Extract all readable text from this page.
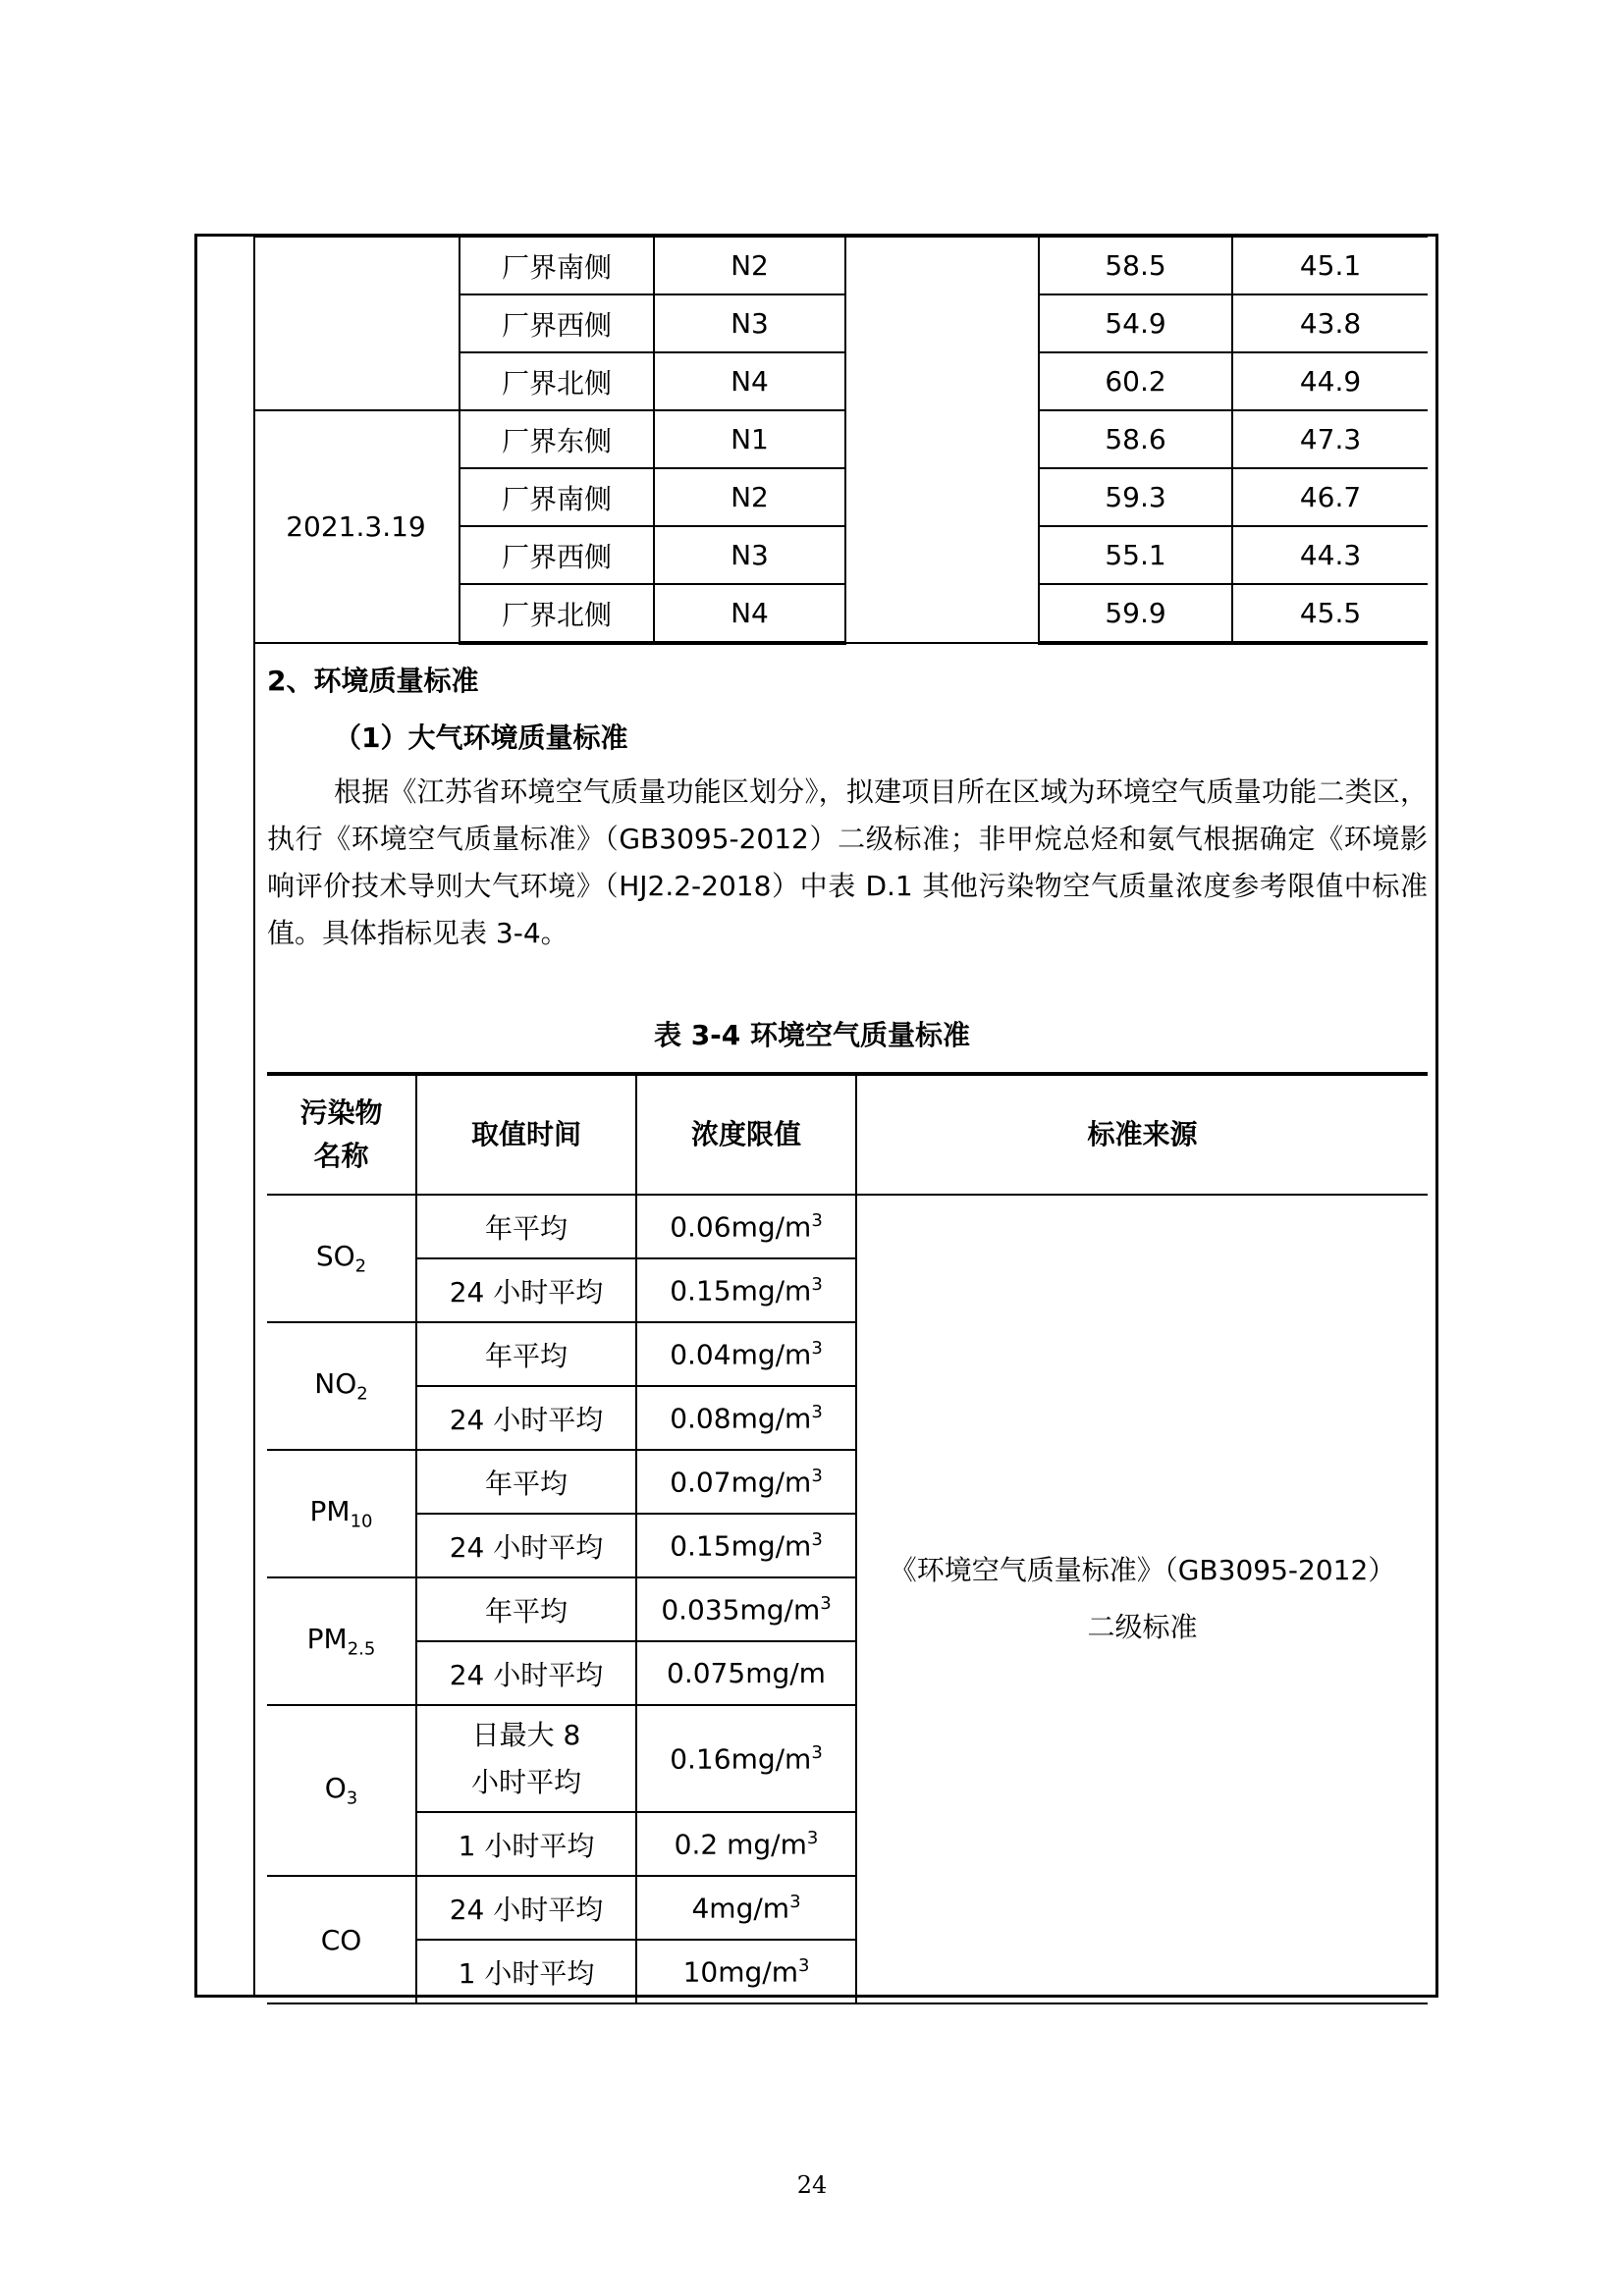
	厂界南侧	N2		58.5	45.1
	厂界西侧	N3		54.9	43.8
	厂界北侧	N4		60.2	44.9
2021.3.19	厂界东侧	N1		58.6	47.3
	厂界南侧	N2		59.3	46.7
	厂界西侧	N3		55.1	44.3
	厂界北侧	N4		59.9	45.5
2、环境质量标准
（1）大气环境质量标准
根据《江苏省环境空气质量功能区划分》，拟建项目所在区域为环境空气质量功能二类区，执行《环境空气质量标准》（GB3095-2012）二级标准；非甲烷总烃和氨气根据确定《环境影响评价技术导则大气环境》（HJ2.2-2018）中表 D.1 其他污染物空气质量浓度参考限值中标准值。具体指标见表 3-4。
表 3-4 环境空气质量标准
污染物名称	取值时间	浓度限值	标准来源
$SO_2$	年平均	$0.06mg/m^3$	《环境空气质量标准》（GB3095-2012）
二级标准

	24 小时平均	$0.15mg/m^3$
$NO_2$	年平均	$0.04mg/m^3$

	24 小时平均	$0.08mg/m^3$
$PM_{10}$	年平均	$0.07mg/m^3$

	24 小时平均	$0.15mg/m^3$
$PM_{2.5}$	年平均	$0.035mg/m^3$

	24 小时平均	0.075mg/m	
$O_3$	日最大 8 小时平均	$0.16mg/m^3$

	1 小时平均	0.2 $mg/m^3$
CO	24 小时平均	$4mg/m^3$

	1 小时平均	$10mg/m^3$
24
